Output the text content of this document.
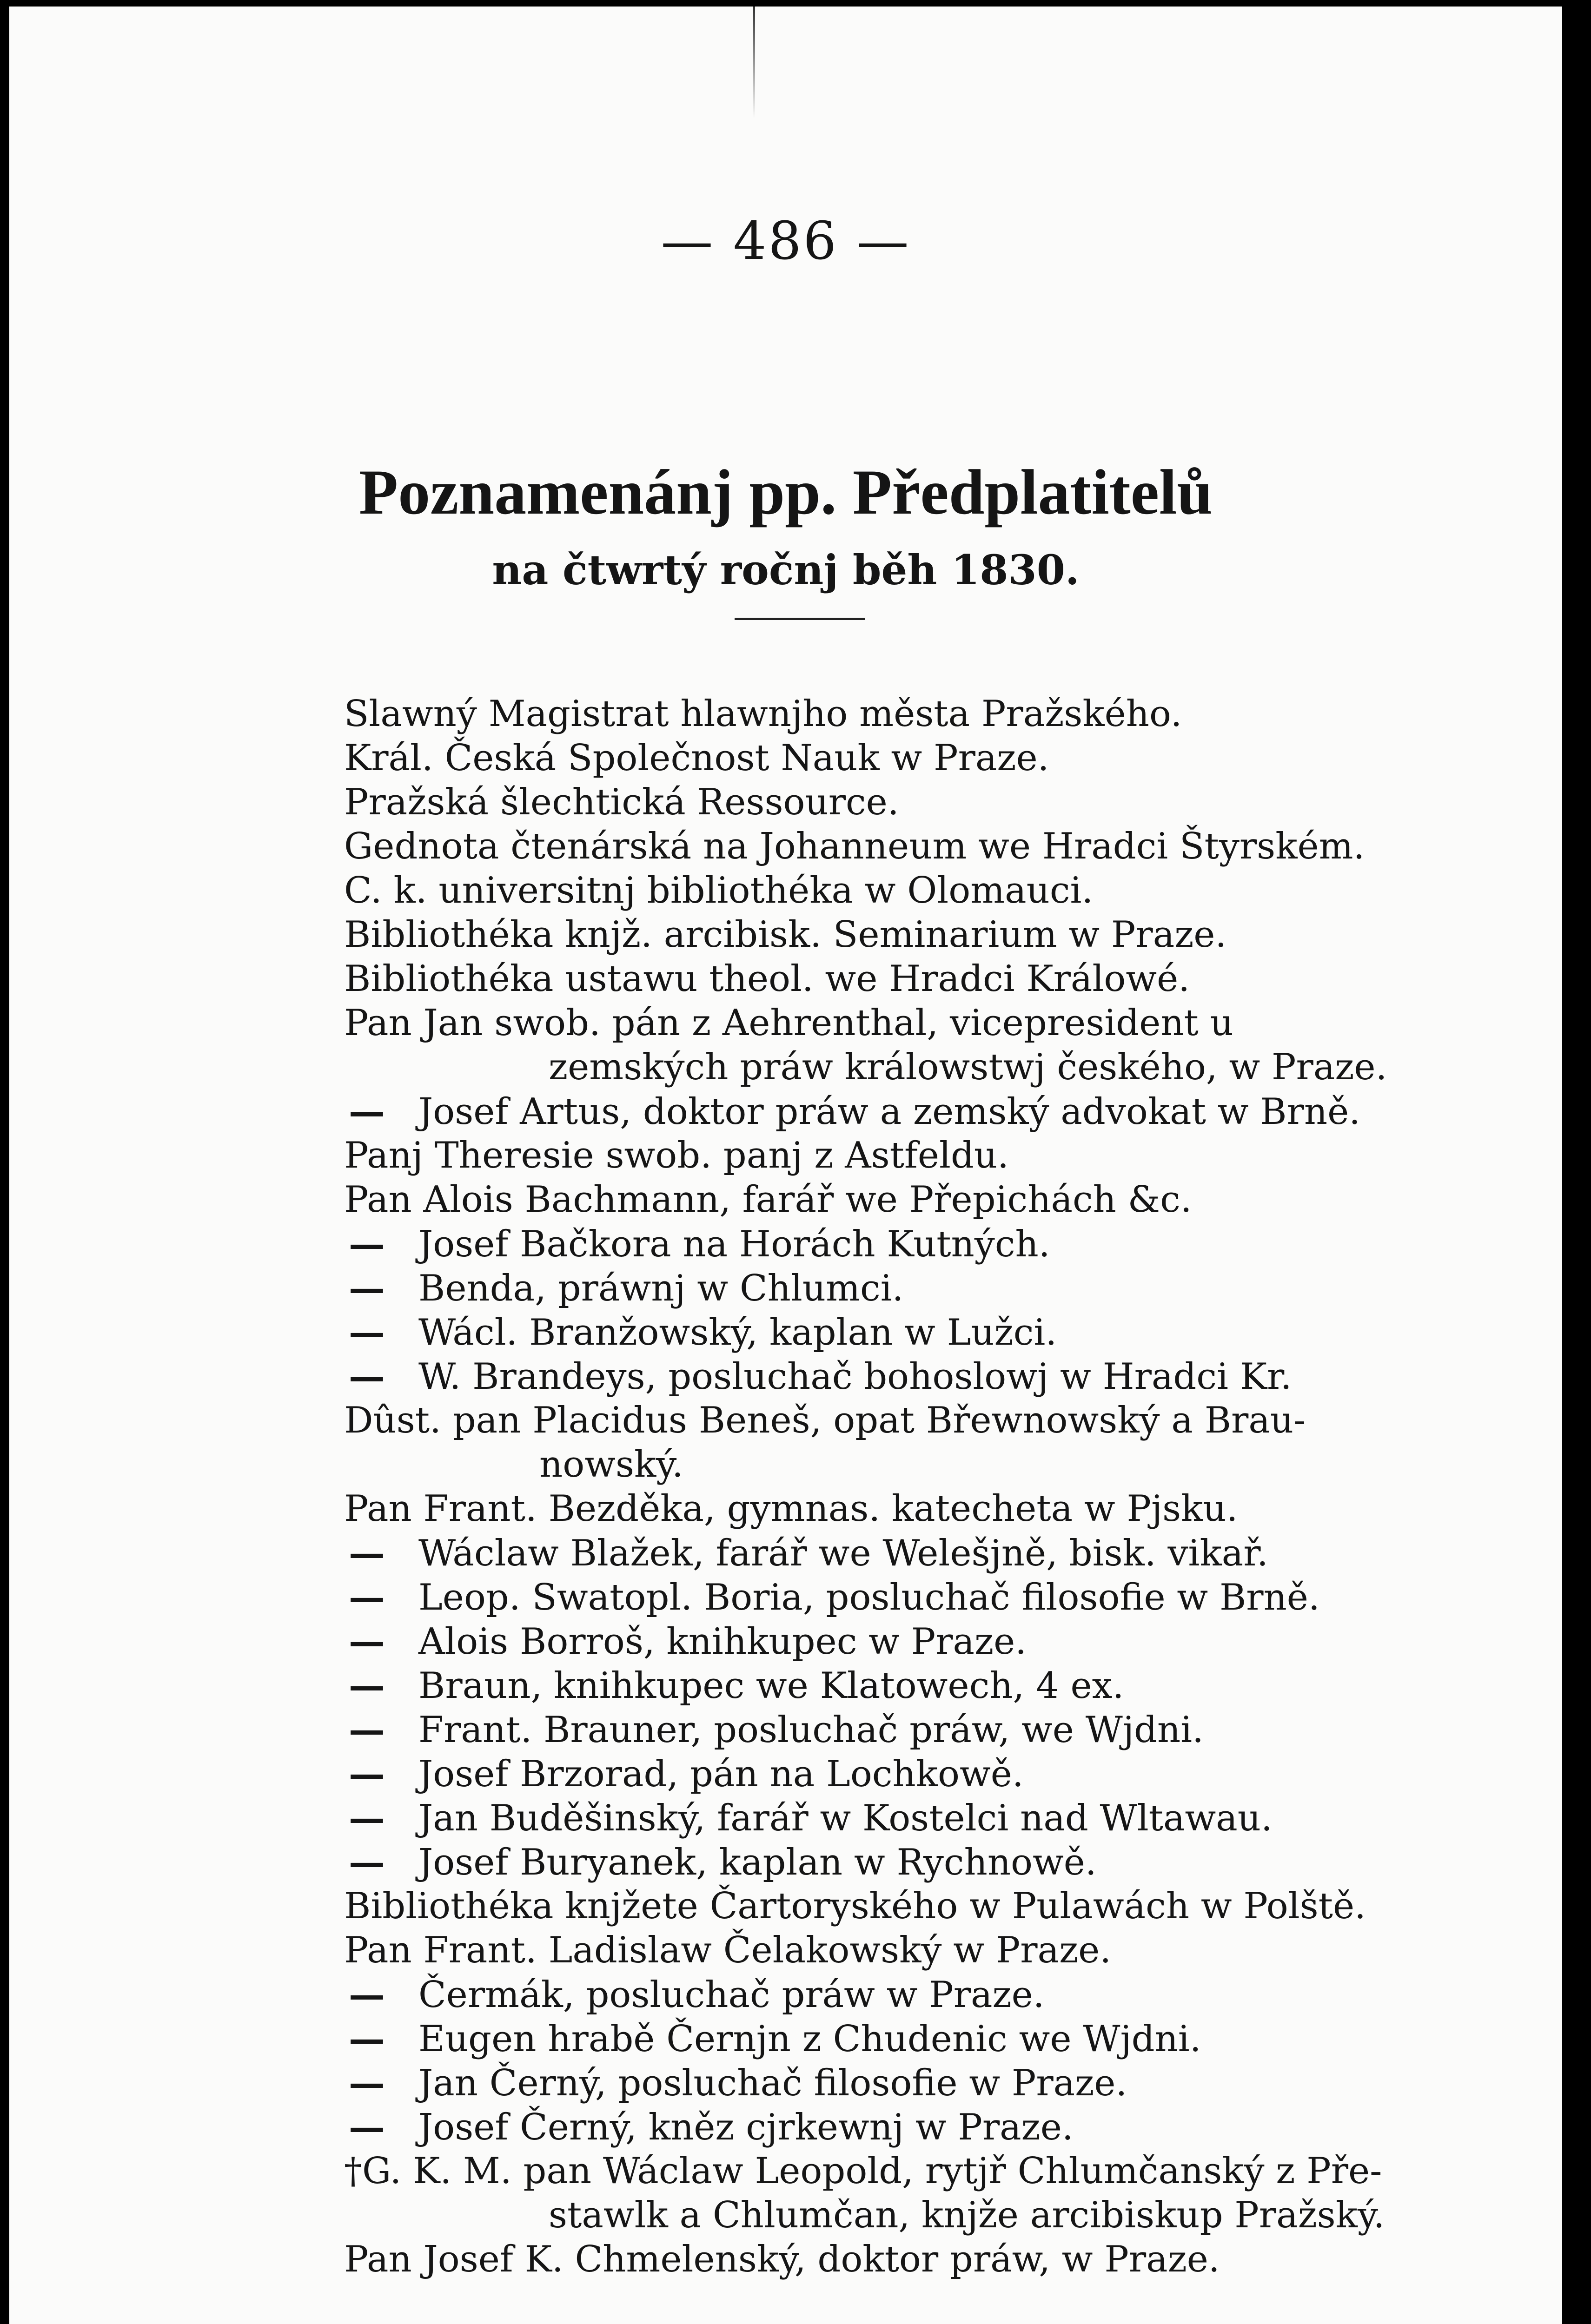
— 486 —
Poznamenánj pp. Předplatitelů
na čtwrtý ročnj běh 1830.
Slawný Magistrat hlawnjho města Pražského.
Král. Česká Společnost Nauk w Praze.
Pražská šlechtická Ressource.
Gednota čtenárská na Johanneum we Hradci Štyrském.
C. k. universitnj bibliothéka w Olomauci.
Bibliothéka knjž. arcibisk. Seminarium w Praze.
Bibliothéka ustawu theol. we Hradci Králowé.
Pan Jan swob. pán z Aehrenthal, vicepresident u
zemských práw králowstwj českého, w Praze.
— Josef Artus, doktor práw a zemský advokat w Brně.
Panj Theresie swob. panj z Astfeldu.
Pan Alois Bachmann, farář we Přepichách &c.
— Josef Bačkora na Horách Kutných.
— Benda, práwnj w Chlumci.
— Wácl. Branžowský, kaplan w Lužci.
— W. Brandeys, posluchač bohoslowj w Hradci Kr.
Dûst. pan Placidus Beneš, opat Břewnowský a Brau-
nowský.
Pan Frant. Bezděka, gymnas. katecheta w Pjsku.
— Wáclaw Blažek, farář we Welešjně, bisk. vikař.
— Leop. Swatopl. Boria, posluchač filosofie w Brně.
— Alois Borroš, knihkupec w Praze.
— Braun, knihkupec we Klatowech, 4 ex.
— Frant. Brauner, posluchač práw, we Wjdni.
— Josef Brzorad, pán na Lochkowě.
— Jan Buděšinský, farář w Kostelci nad Wltawau.
— Josef Buryanek, kaplan w Rychnowě.
Bibliothéka knjžete Čartoryského w Pulawách w Polště.
Pan Frant. Ladislaw Čelakowský w Praze.
— Čermák, posluchač práw w Praze.
— Eugen hrabě Černjn z Chudenic we Wjdni.
— Jan Černý, posluchač filosofie w Praze.
— Josef Černý, kněz cjrkewnj w Praze.
†G. K. M. pan Wáclaw Leopold, rytjř Chlumčanský z Pře-
stawlk a Chlumčan, knjže arcibiskup Pražský.
Pan Josef K. Chmelenský, doktor práw, w Praze.
